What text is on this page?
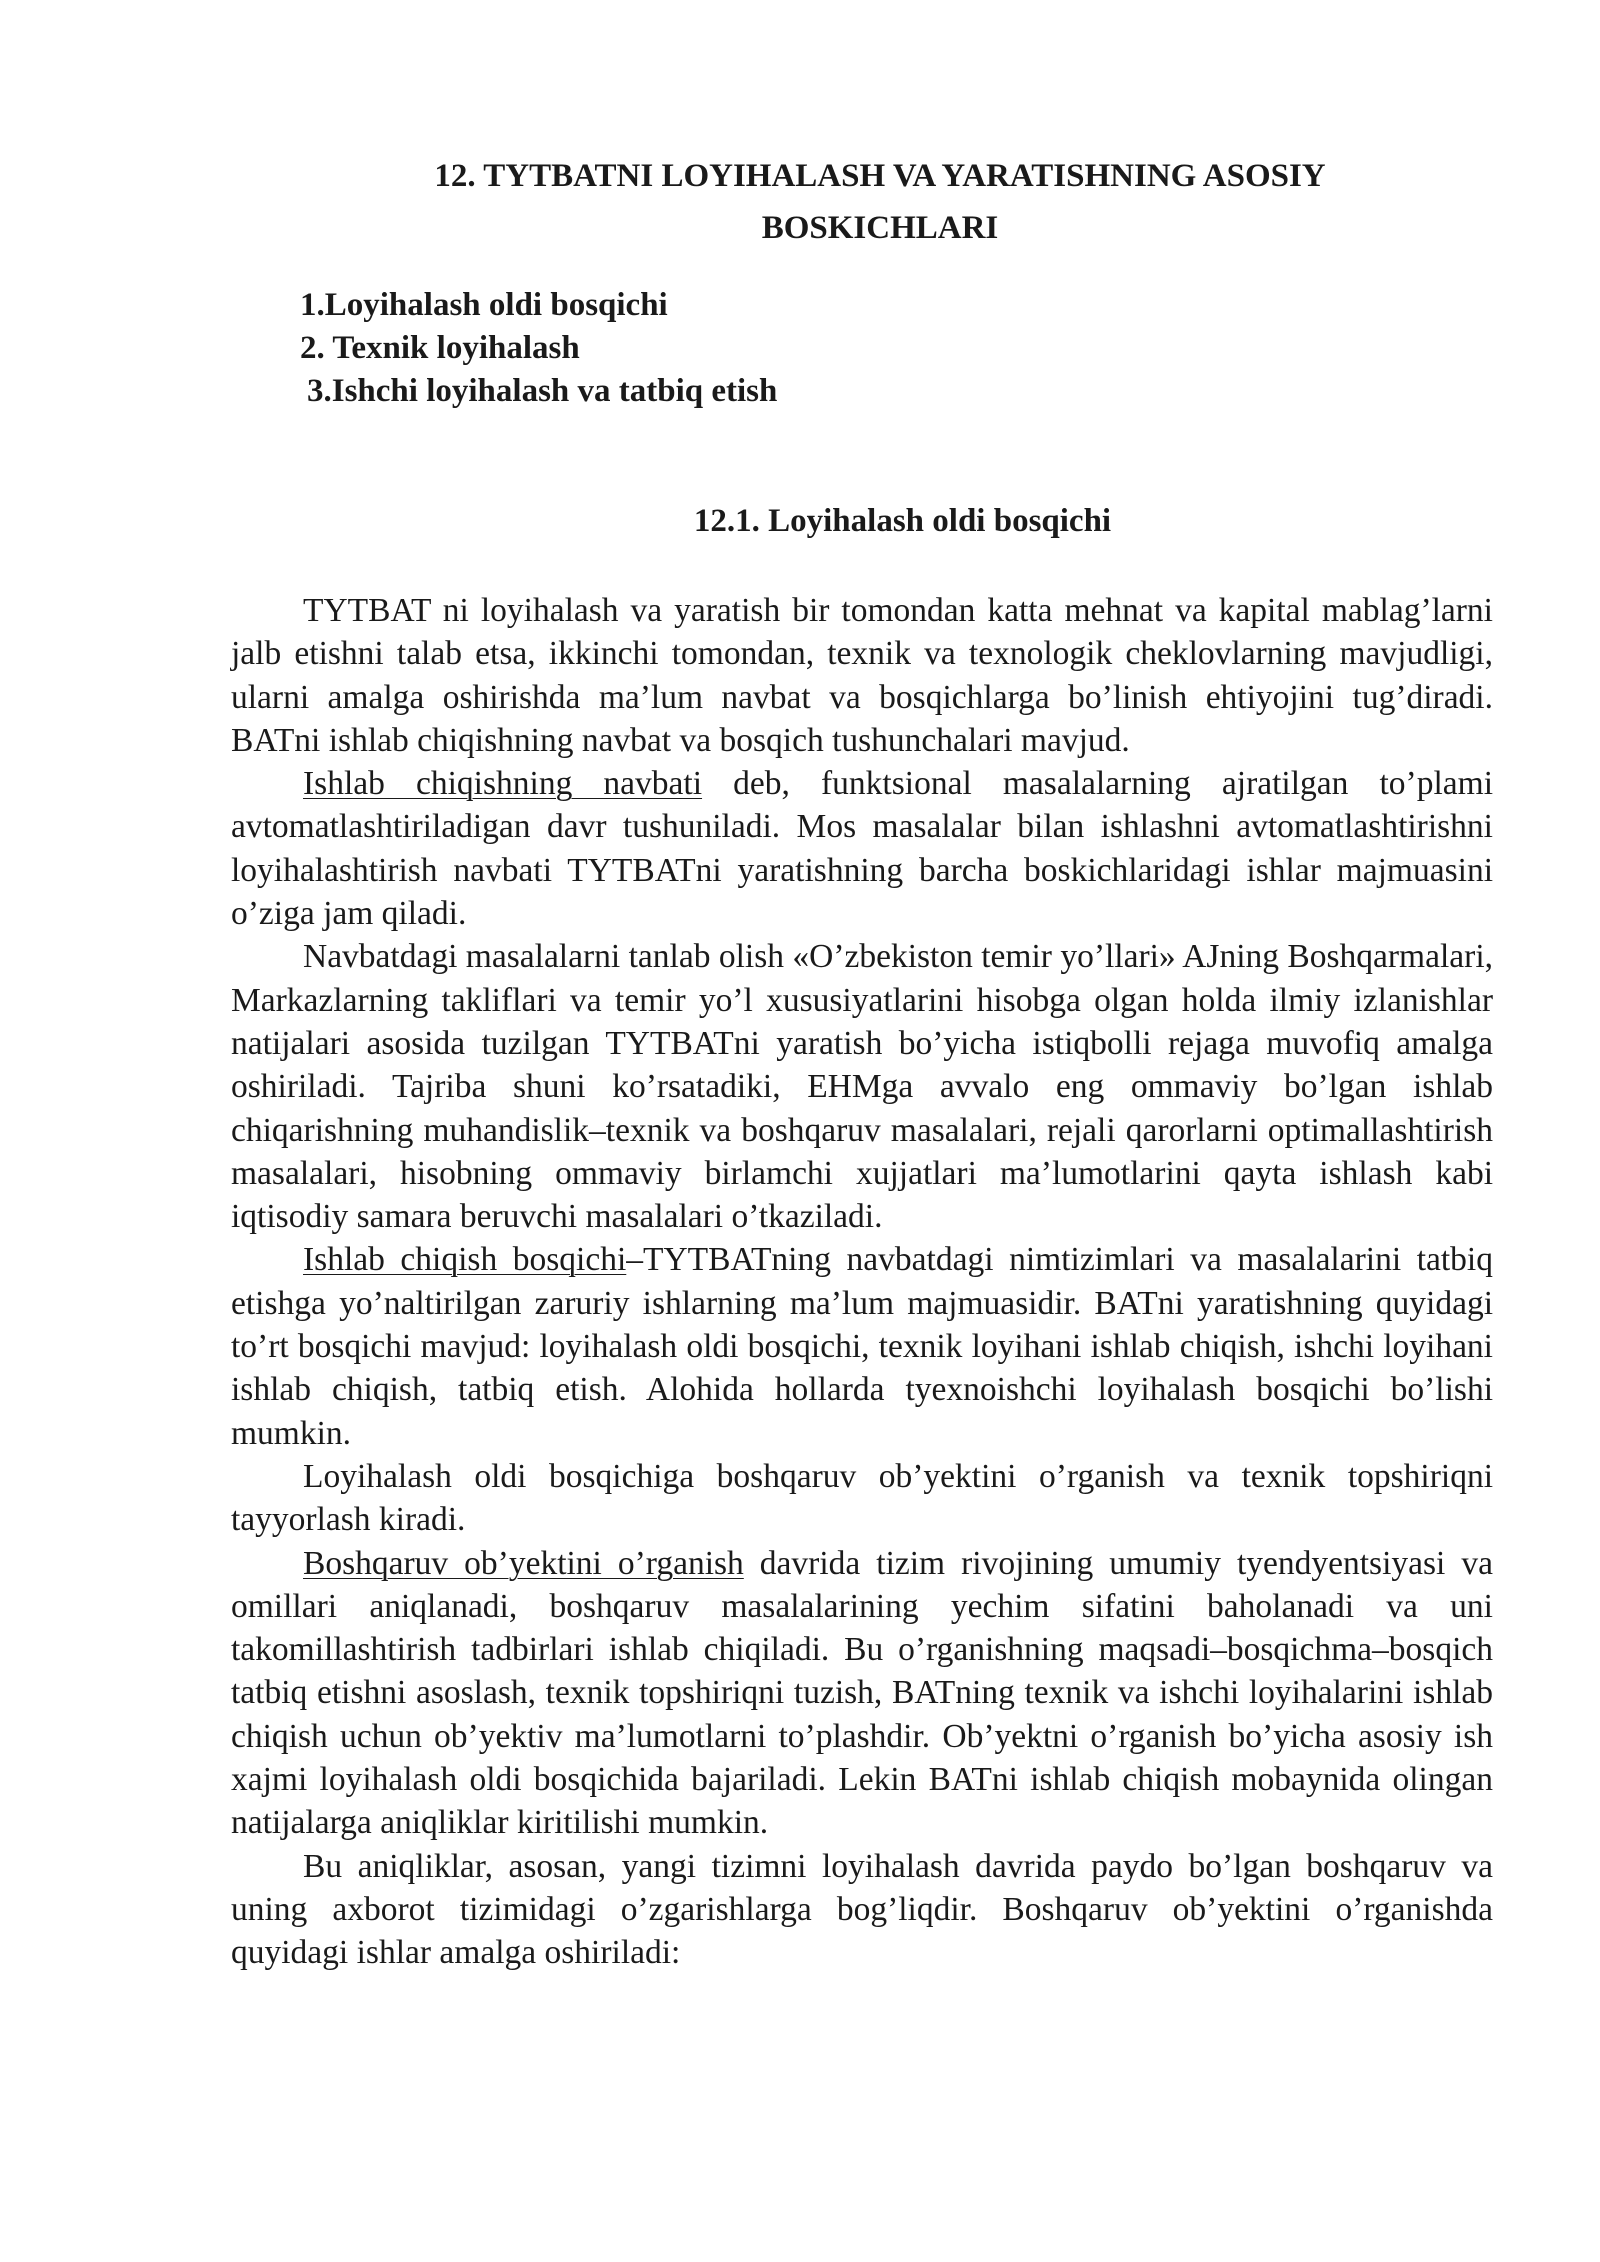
12. TYTBATNI LOYIHALASH VA YARATISHNING ASOSIY
BOSKICHLARI
1.Loyihalash oldi bosqichi
2. Texnik loyihalash
3.Ishchi loyihalash va tatbiq etish
12.1. Loyihalash oldi bosqichi

TYTBAT ni loyihalash va yaratish bir tomondan katta mehnat va kapital mablag’larni jalb etishni talab etsa, ikkinchi tomondan, texnik va texnologik cheklovlarning mavjudligi, ularni amalga oshirishda ma’lum navbat va bosqichlarga bo’linish ehtiyojini tug’diradi. BATni ishlab chiqishning navbat va bosqich tushunchalari mavjud.

Ishlab chiqishning navbati deb, funktsional masalalarning ajratilgan to’plami avtomatlashtiriladigan davr tushuniladi. Mos masalalar bilan ishlashni avtomatlashtirishni loyihalashtirish navbati TYTBATni yaratishning barcha boskichlaridagi ishlar majmuasini o’ziga jam qiladi.

Navbatdagi masalalarni tanlab olish «O’zbekiston temir yo’llari» AJning Boshqarmalari, Markazlarning takliflari va temir yo’l xususiyatlarini hisobga olgan holda ilmiy izlanishlar natijalari asosida tuzilgan TYTBATni yaratish bo’yicha istiqbolli rejaga muvofiq amalga oshiriladi. Tajriba shuni ko’rsatadiki, EHMga avvalo eng ommaviy bo’lgan ishlab chiqarishning muhandislik–texnik va boshqaruv masalalari, rejali qarorlarni optimallashtirish masalalari, hisobning ommaviy birlamchi xujjatlari ma’lumotlarini qayta ishlash kabi iqtisodiy samara beruvchi masalalari o’tkaziladi.

Ishlab chiqish bosqichi–TYTBATning navbatdagi nimtizimlari va masalalarini tatbiq etishga yo’naltirilgan zaruriy ishlarning ma’lum majmuasidir. BATni yaratishning quyidagi to’rt bosqichi mavjud: loyihalash oldi bosqichi, texnik loyihani ishlab chiqish, ishchi loyihani ishlab chiqish, tatbiq etish. Alohida hollarda tyexnoishchi loyihalash bosqichi bo’lishi mumkin.

Loyihalash oldi bosqichiga boshqaruv ob’yektini o’rganish va texnik topshiriqni tayyorlash kiradi.

Boshqaruv ob’yektini o’rganish davrida tizim rivojining umumiy tyendyentsiyasi va omillari aniqlanadi, boshqaruv masalalarining yechim sifatini baholanadi va uni takomillashtirish tadbirlari ishlab chiqiladi. Bu o’rganishning maqsadi–bosqichma–bosqich tatbiq etishni asoslash, texnik topshiriqni tuzish, BATning texnik va ishchi loyihalarini ishlab chiqish uchun ob’yektiv ma’lumotlarni to’plashdir. Ob’yektni o’rganish bo’yicha asosiy ish xajmi loyihalash oldi bosqichida bajariladi. Lekin BATni ishlab chiqish mobaynida olingan natijalarga aniqliklar kiritilishi mumkin.

Bu aniqliklar, asosan, yangi tizimni loyihalash davrida paydo bo’lgan boshqaruv va uning axborot tizimidagi o’zgarishlarga bog’liqdir. Boshqaruv ob’yektini o’rganishda quyidagi ishlar amalga oshiriladi:
